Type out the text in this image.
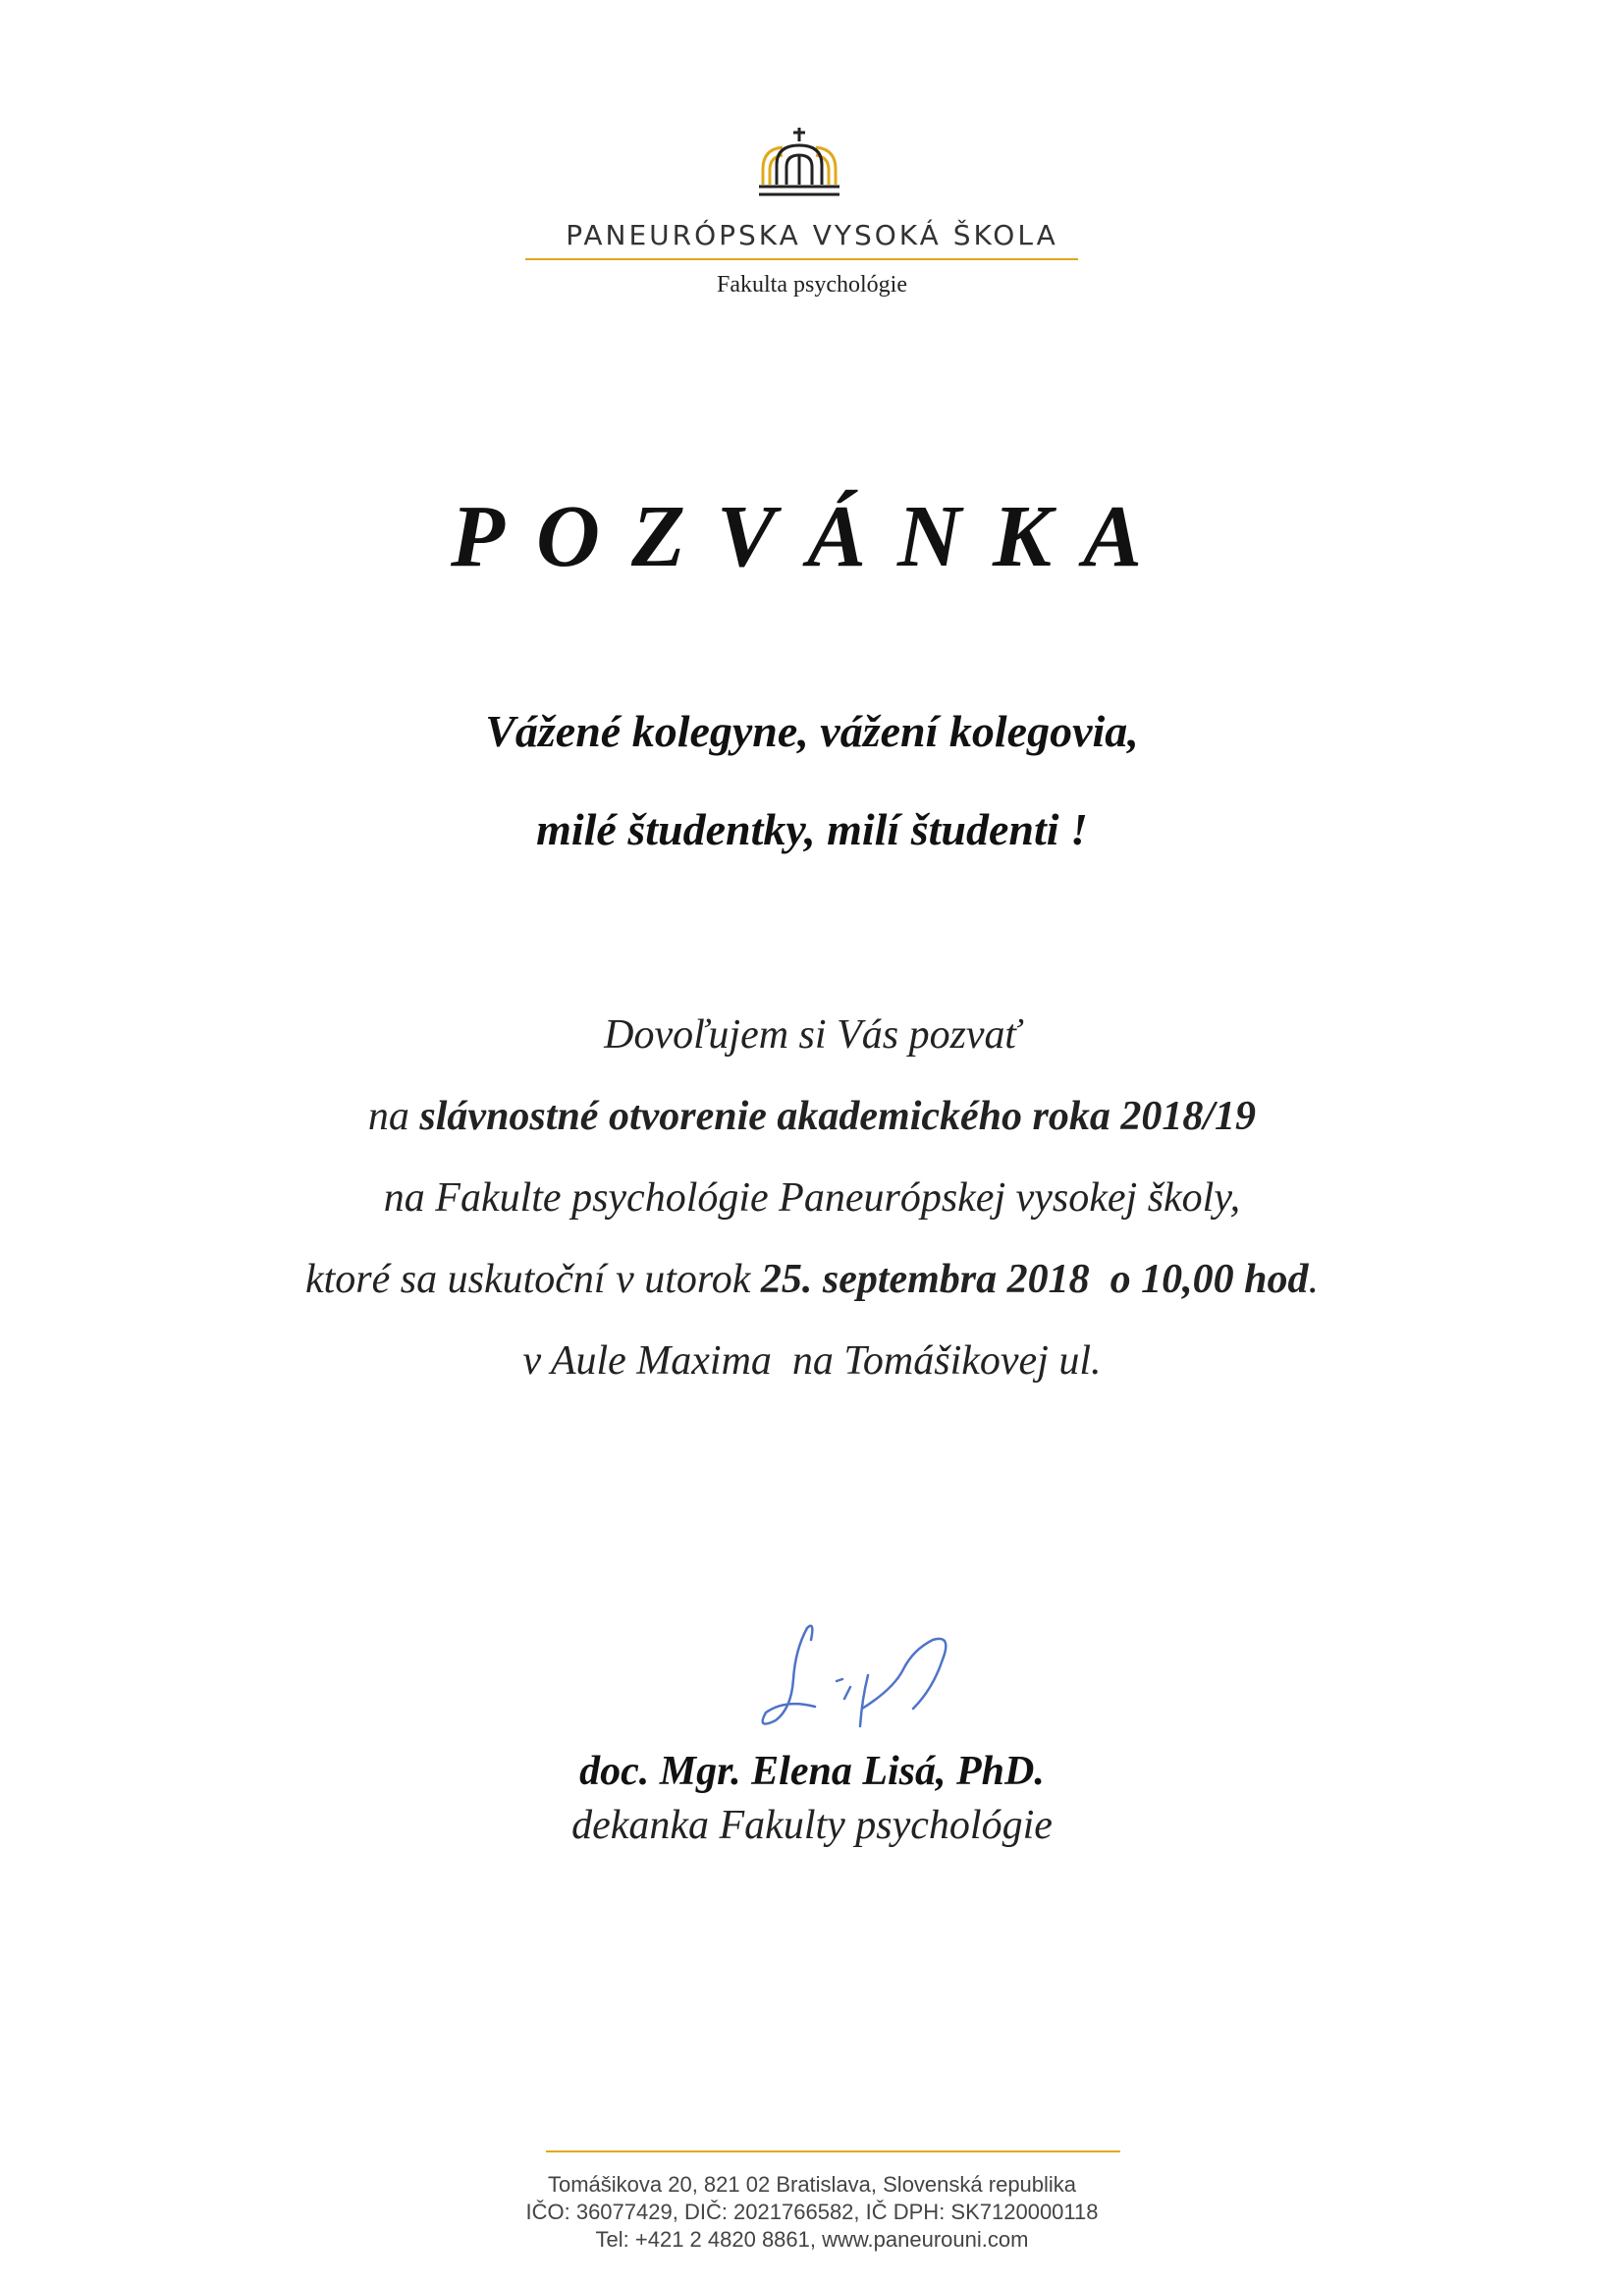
PANEURÓPSKA VYSOKÁ ŠKOLA
Fakulta psychológie
POZVÁNKA
Vážené kolegyne, vážení kolegovia,
milé študentky, milí študenti !
Dovoľujem si Vás pozvať
na slávnostné otvorenie akademického roka 2018/19
na Fakulte psychológie Paneurópskej vysokej školy,
ktoré sa uskutoční v utorok 25. septembra 2018  o 10,00 hod.
v Aule Maxima  na Tomášikovej ul.
doc. Mgr. Elena Lisá, PhD.
dekanka Fakulty psychológie
Tomášikova 20, 821 02 Bratislava, Slovenská republika
IČO: 36077429, DIČ: 2021766582, IČ DPH: SK7120000118
Tel: +421 2 4820 8861, www.paneurouni.com
